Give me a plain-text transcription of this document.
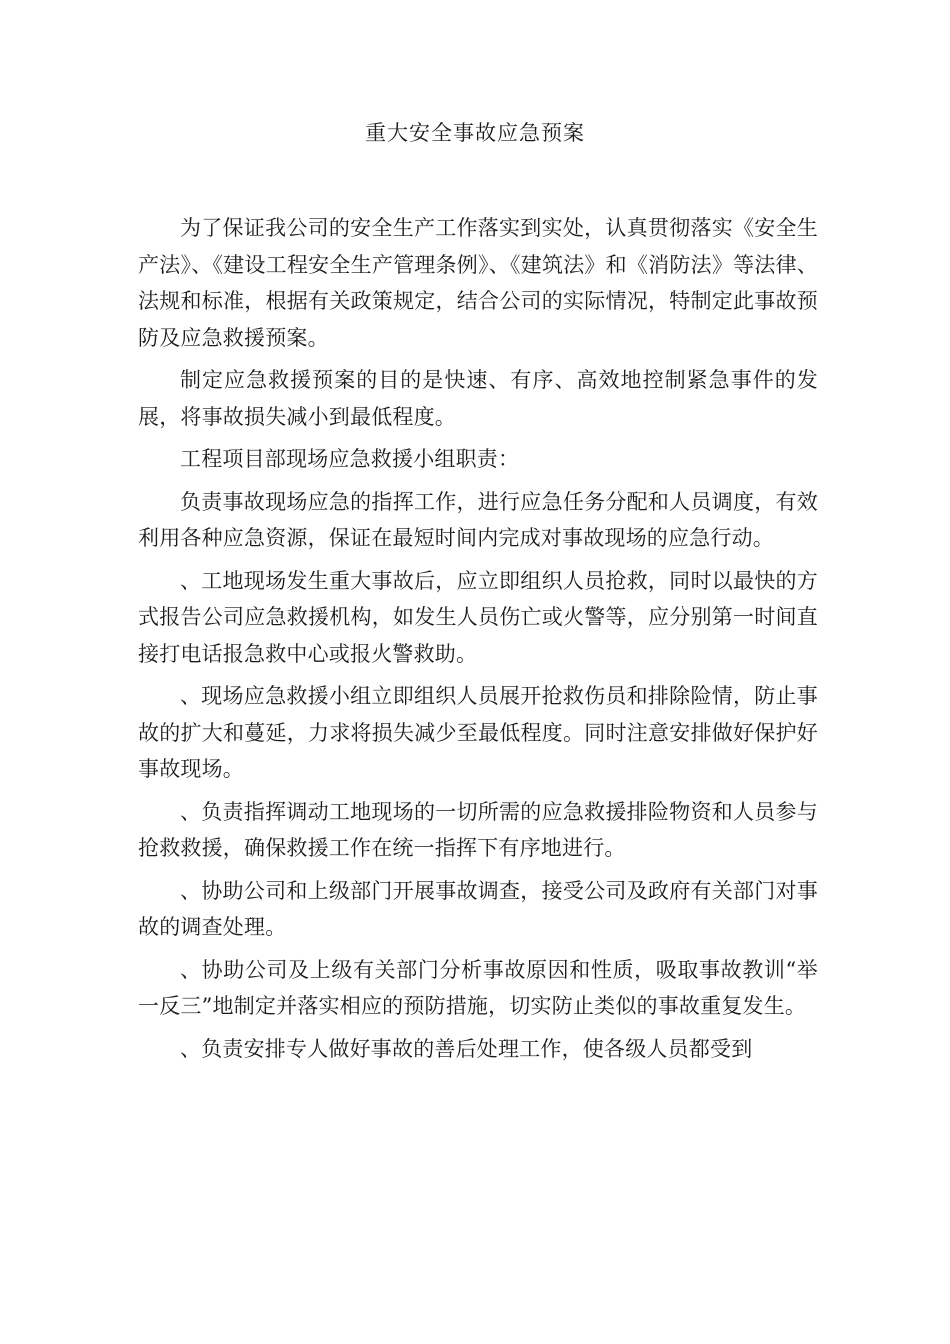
重大安全事故应急预案

为了保证我公司的安全生产工作落实到实处，认真贯彻落实《安全生产法》、《建设工程安全生产管理条例》、《建筑法》和《消防法》等法律、法规和标准，根据有关政策规定，结合公司的实际情况，特制定此事故预防及应急救援预案。

制定应急救援预案的目的是快速、有序、高效地控制紧急事件的发展，将事故损失减小到最低程度。

工程项目部现场应急救援小组职责：

负责事故现场应急的指挥工作，进行应急任务分配和人员调度，有效利用各种应急资源，保证在最短时间内完成对事故现场的应急行动。

、工地现场发生重大事故后，应立即组织人员抢救，同时以最快的方式报告公司应急救援机构，如发生人员伤亡或火警等，应分别第一时间直接打电话报急救中心或报火警救助。

、现场应急救援小组立即组织人员展开抢救伤员和排除险情，防止事故的扩大和蔓延，力求将损失减少至最低程度。同时注意安排做好保护好事故现场。

、负责指挥调动工地现场的一切所需的应急救援排险物资和人员参与抢救救援，确保救援工作在统一指挥下有序地进行。

、协助公司和上级部门开展事故调查，接受公司及政府有关部门对事故的调查处理。

、协助公司及上级有关部门分析事故原因和性质，吸取事故教训“举一反三”地制定并落实相应的预防措施，切实防止类似的事故重复发生。

、负责安排专人做好事故的善后处理工作，使各级人员都受到
